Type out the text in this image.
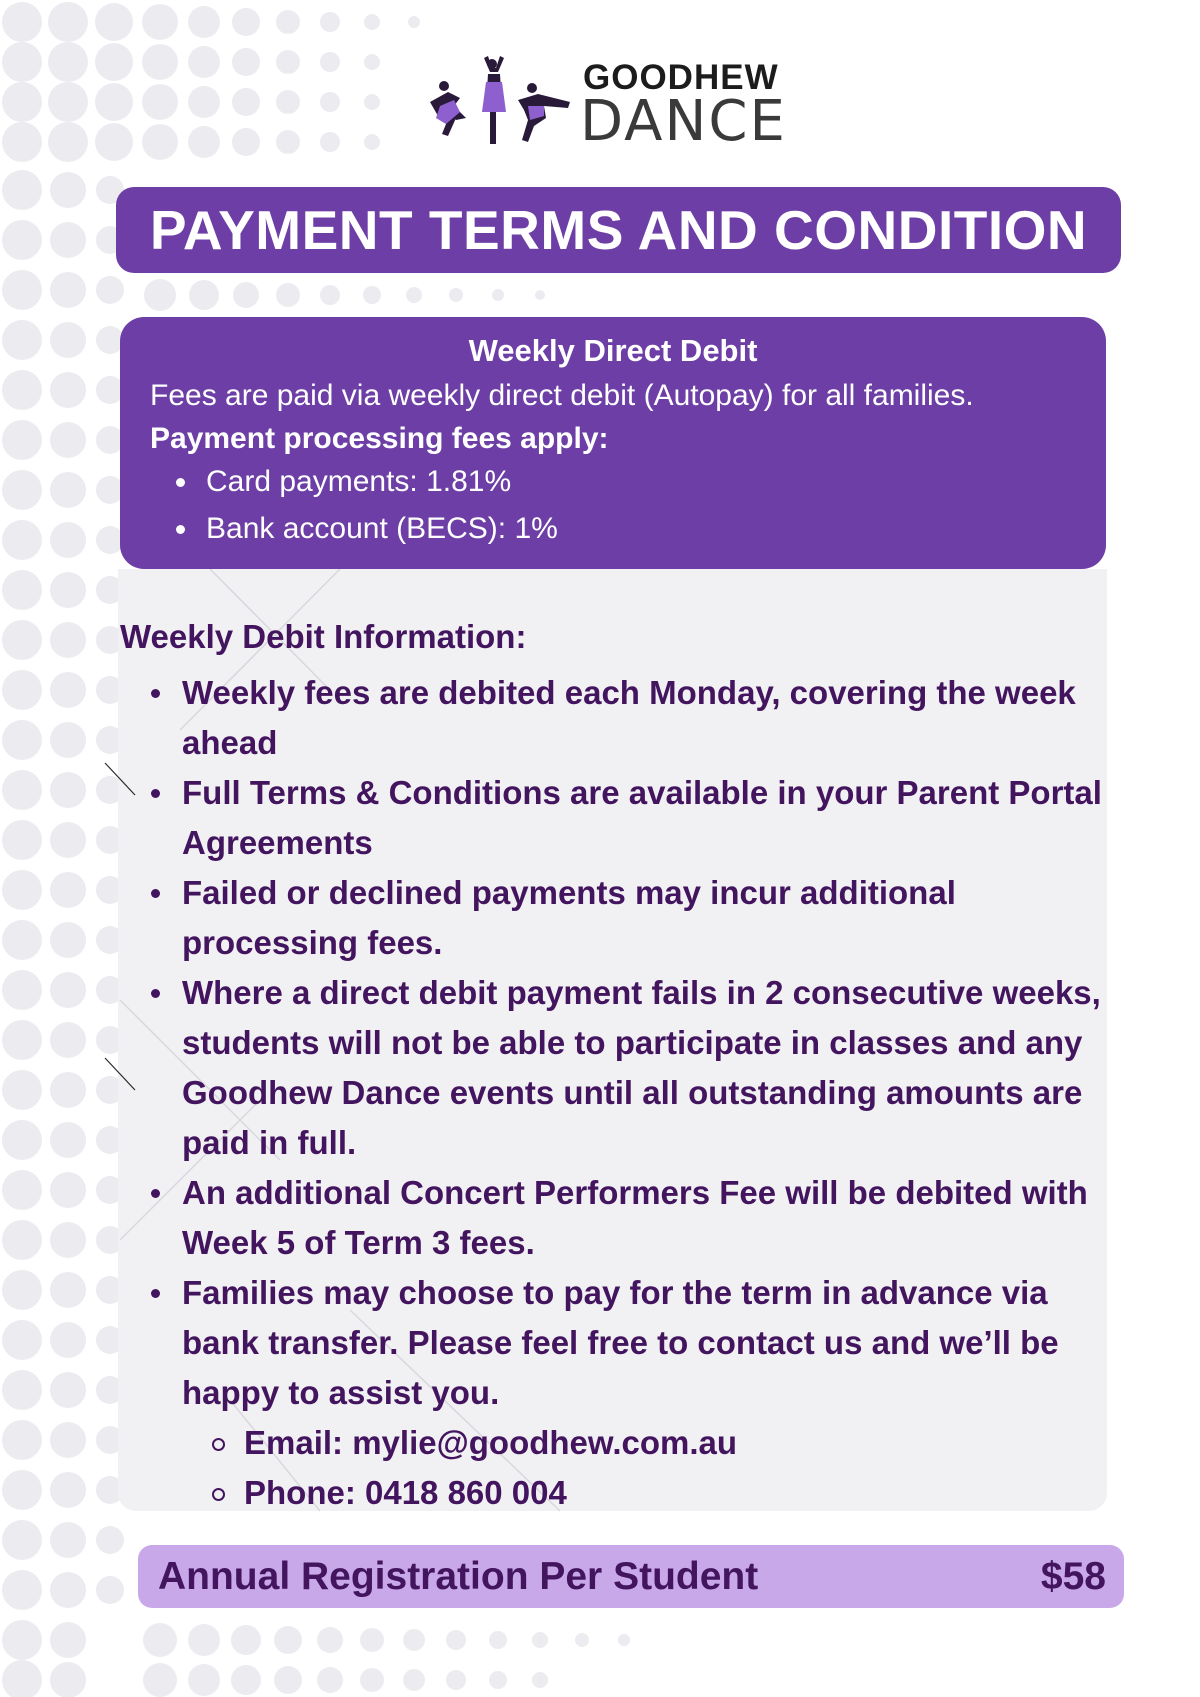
GOODHEW
DANCE
PAYMENT TERMS AND CONDITION
Weekly Direct Debit
Fees are paid via weekly direct debit (Autopay) for all families.
Payment processing fees apply:
Card payments: 1.81%
Bank account (BECS): 1%
Weekly Debit Information:
Weekly fees are debited each Monday, covering the week ahead
Full Terms & Conditions are available in your Parent Portal Agreements
Failed or declined payments may incur additional processing fees.
Where a direct debit payment fails in 2 consecutive weeks, students will not be able to participate in classes and any Goodhew Dance events until all outstanding amounts are paid in full.
An additional Concert Performers Fee will be debited with Week 5 of Term 3 fees.
Families may choose to pay for the term in advance via bank transfer. Please feel free to contact us and we’ll be happy to assist you.
Email: mylie@goodhew.com.au
Phone: 0418 860 004
Annual Registration Per Student	$58
